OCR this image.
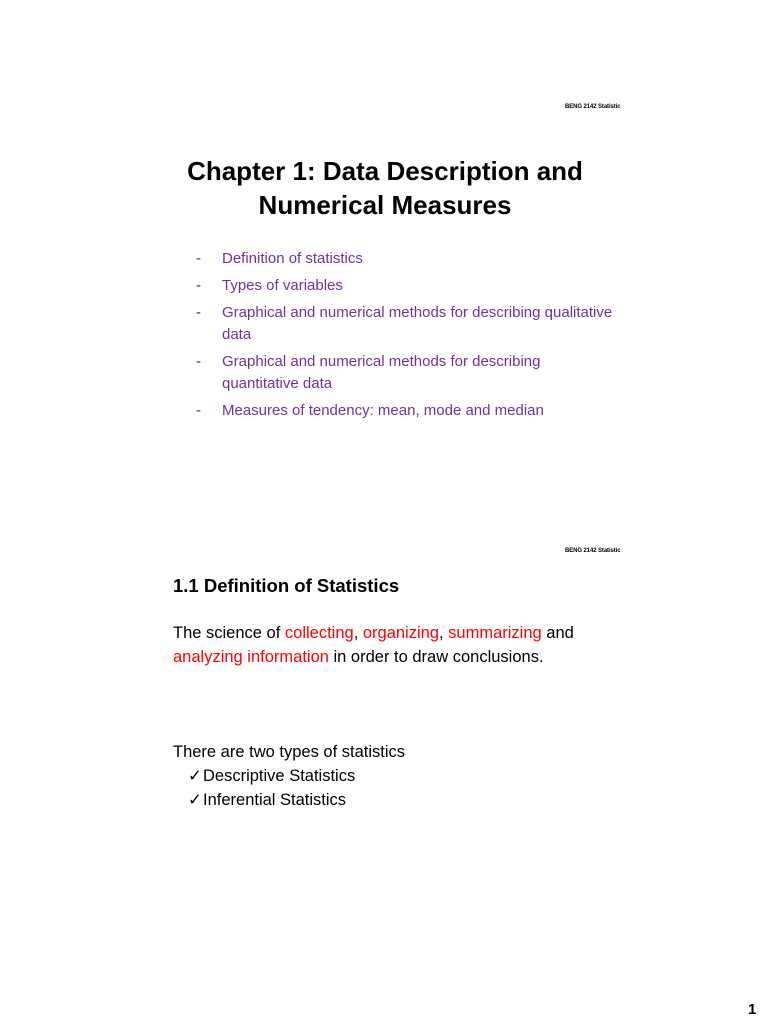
BENG 2142 Statistic
Chapter 1: Data Description and
Numerical Measures
-	Definition of statistics
-	Types of variables
-	Graphical and numerical methods for describing qualitative data
-	Graphical and numerical methods for describing quantitative data
-	Measures of tendency: mean, mode and median
BENG 2142 Statistic
1.1 Definition of Statistics
The science of collecting, organizing, summarizing and analyzing information in order to draw conclusions.
There are two types of statistics
✓Descriptive Statistics
✓Inferential Statistics
1
